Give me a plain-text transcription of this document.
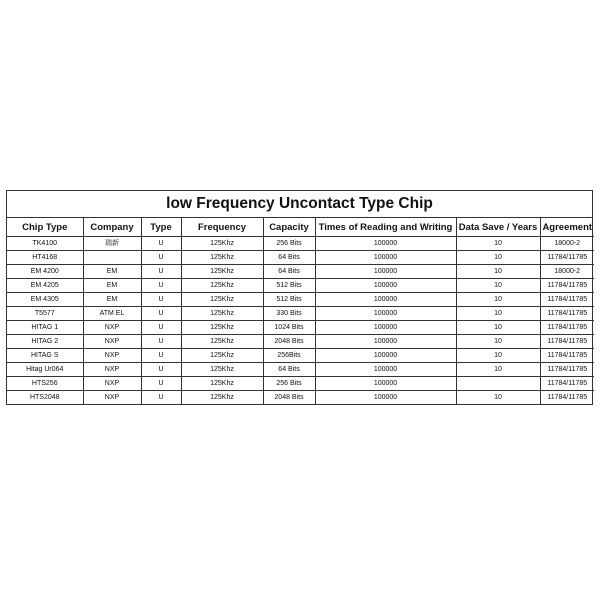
low Frequency Uncontact Type Chip
Chip Type	Company	Type	Frequency	Capacity	Times of Reading and Writing	Data Save / Years	Agreement
TK4100	瑞新	U	125Khz	256 Bits	100000	10	18000-2
HT4168		U	125Khz	64 Bits	100000	10	11784/11785
EM 4200	EM	U	125Khz	64 Bits	100000	10	18000-2
EM 4205	EM	U	125Khz	512 Bits	100000	10	11784/11785
EM 4305	EM	U	125Khz	512 Bits	100000	10	11784/11785
T5577	ATM EL	U	125Khz	330 Bits	100000	10	11784/11785
HITAG 1	NXP	U	125Khz	1024 Bits	100000	10	11784/11785
HITAG 2	NXP	U	125Khz	2048 Bits	100000	10	11784/11785
HITAG S	NXP	U	125Khz	256Bits	100000	10	11784/11785
Hitag Ur064	NXP	U	125Khz	64 Bits	100000	10	11784/11785
HTS256	NXP	U	125Khz	256 Bits	100000		11784/11785
HTS2048	NXP	U	125Khz	2048 Bits	100000	10	11784/11785
